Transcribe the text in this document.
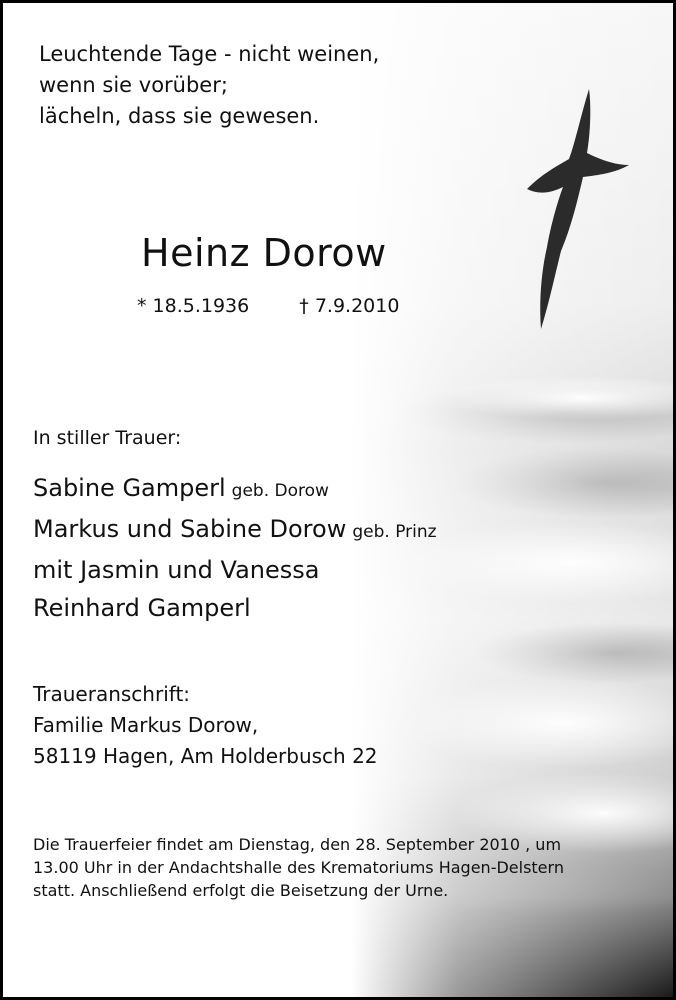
Leuchtende Tage - nicht weinen,
wenn sie vorüber;
lächeln, dass sie gewesen.
Heinz Dorow
* 18.5.1936	† 7.9.2010
In stiller Trauer:
Sabine Gamperl geb. Dorow
Markus und Sabine Dorow geb. Prinz
mit Jasmin und Vanessa
Reinhard Gamperl
Traueranschrift:
Familie Markus Dorow,
58119 Hagen, Am Holderbusch 22
Die Trauerfeier findet am Dienstag, den 28. September 2010 , um
13.00 Uhr in der Andachtshalle des Krematoriums Hagen-Delstern
statt. Anschließend erfolgt die Beisetzung der Urne.
